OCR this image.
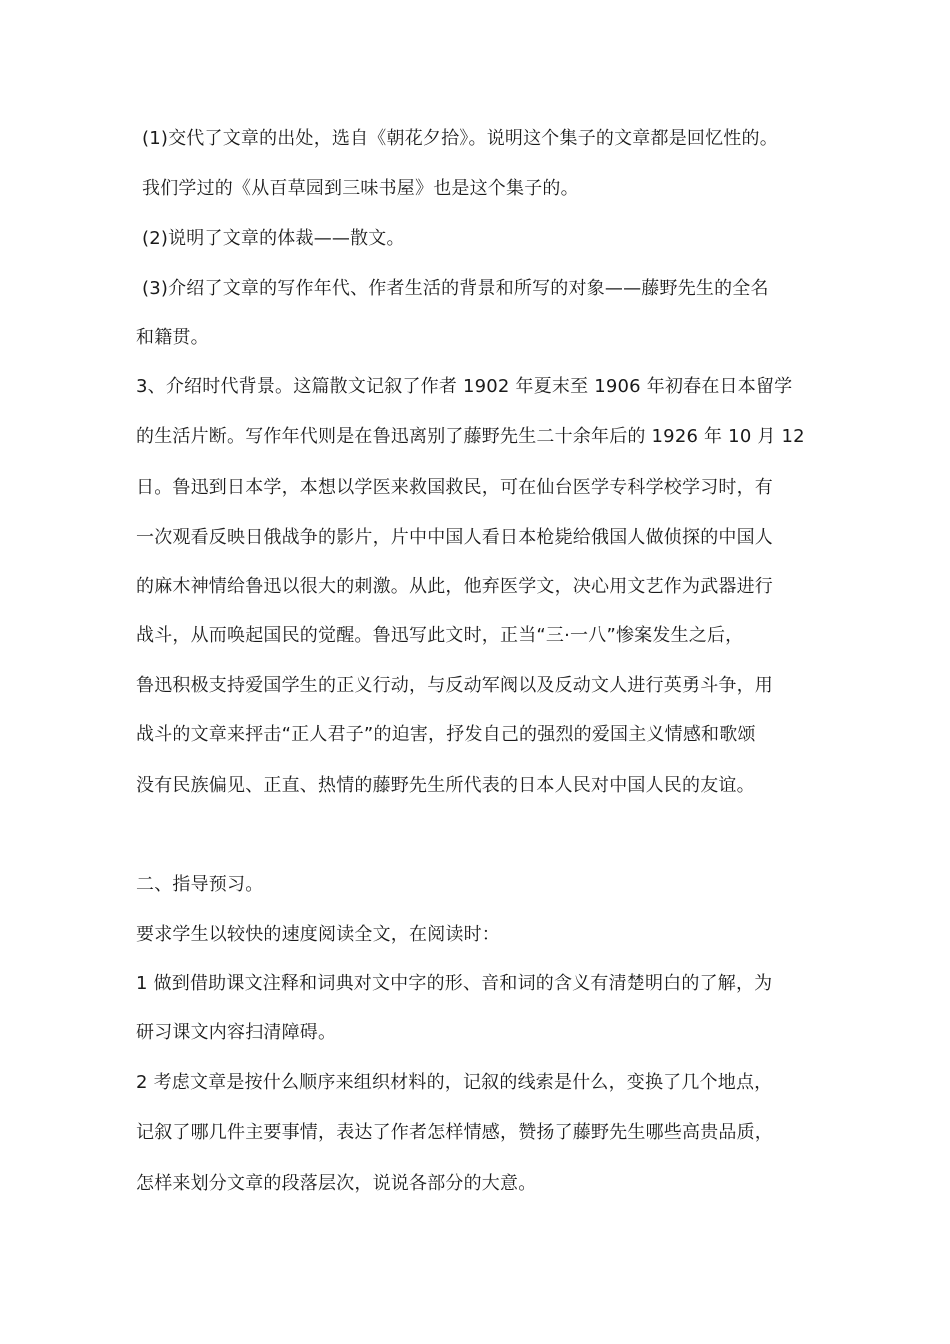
(1)交代了文章的出处，选自《朝花夕拾》。说明这个集子的文章都是回忆性的。
我们学过的《从百草园到三味书屋》也是这个集子的。
(2)说明了文章的体裁——散文。
(3)介绍了文章的写作年代、作者生活的背景和所写的对象——藤野先生的全名
和籍贯。
3、介绍时代背景。这篇散文记叙了作者 1902 年夏末至 1906 年初春在日本留学
的生活片断。写作年代则是在鲁迅离别了藤野先生二十余年后的 1926 年 10 月 12
日。鲁迅到日本学，本想以学医来救国救民，可在仙台医学专科学校学习时，有
一次观看反映日俄战争的影片，片中中国人看日本枪毙给俄国人做侦探的中国人
的麻木神情给鲁迅以很大的刺激。从此，他弃医学文，决心用文艺作为武器进行
战斗，从而唤起国民的觉醒。鲁迅写此文时，正当“三·一八”惨案发生之后，
鲁迅积极支持爱国学生的正义行动，与反动军阀以及反动文人进行英勇斗争，用
战斗的文章来抨击“正人君子”的迫害，抒发自己的强烈的爱国主义情感和歌颂
没有民族偏见、正直、热情的藤野先生所代表的日本人民对中国人民的友谊。
二、指导预习。
要求学生以较快的速度阅读全文，在阅读时：
1 做到借助课文注释和词典对文中字的形、音和词的含义有清楚明白的了解，为
研习课文内容扫清障碍。
2 考虑文章是按什么顺序来组织材料的，记叙的线索是什么，变换了几个地点，
记叙了哪几件主要事情，表达了作者怎样情感，赞扬了藤野先生哪些高贵品质，
怎样来划分文章的段落层次，说说各部分的大意。
